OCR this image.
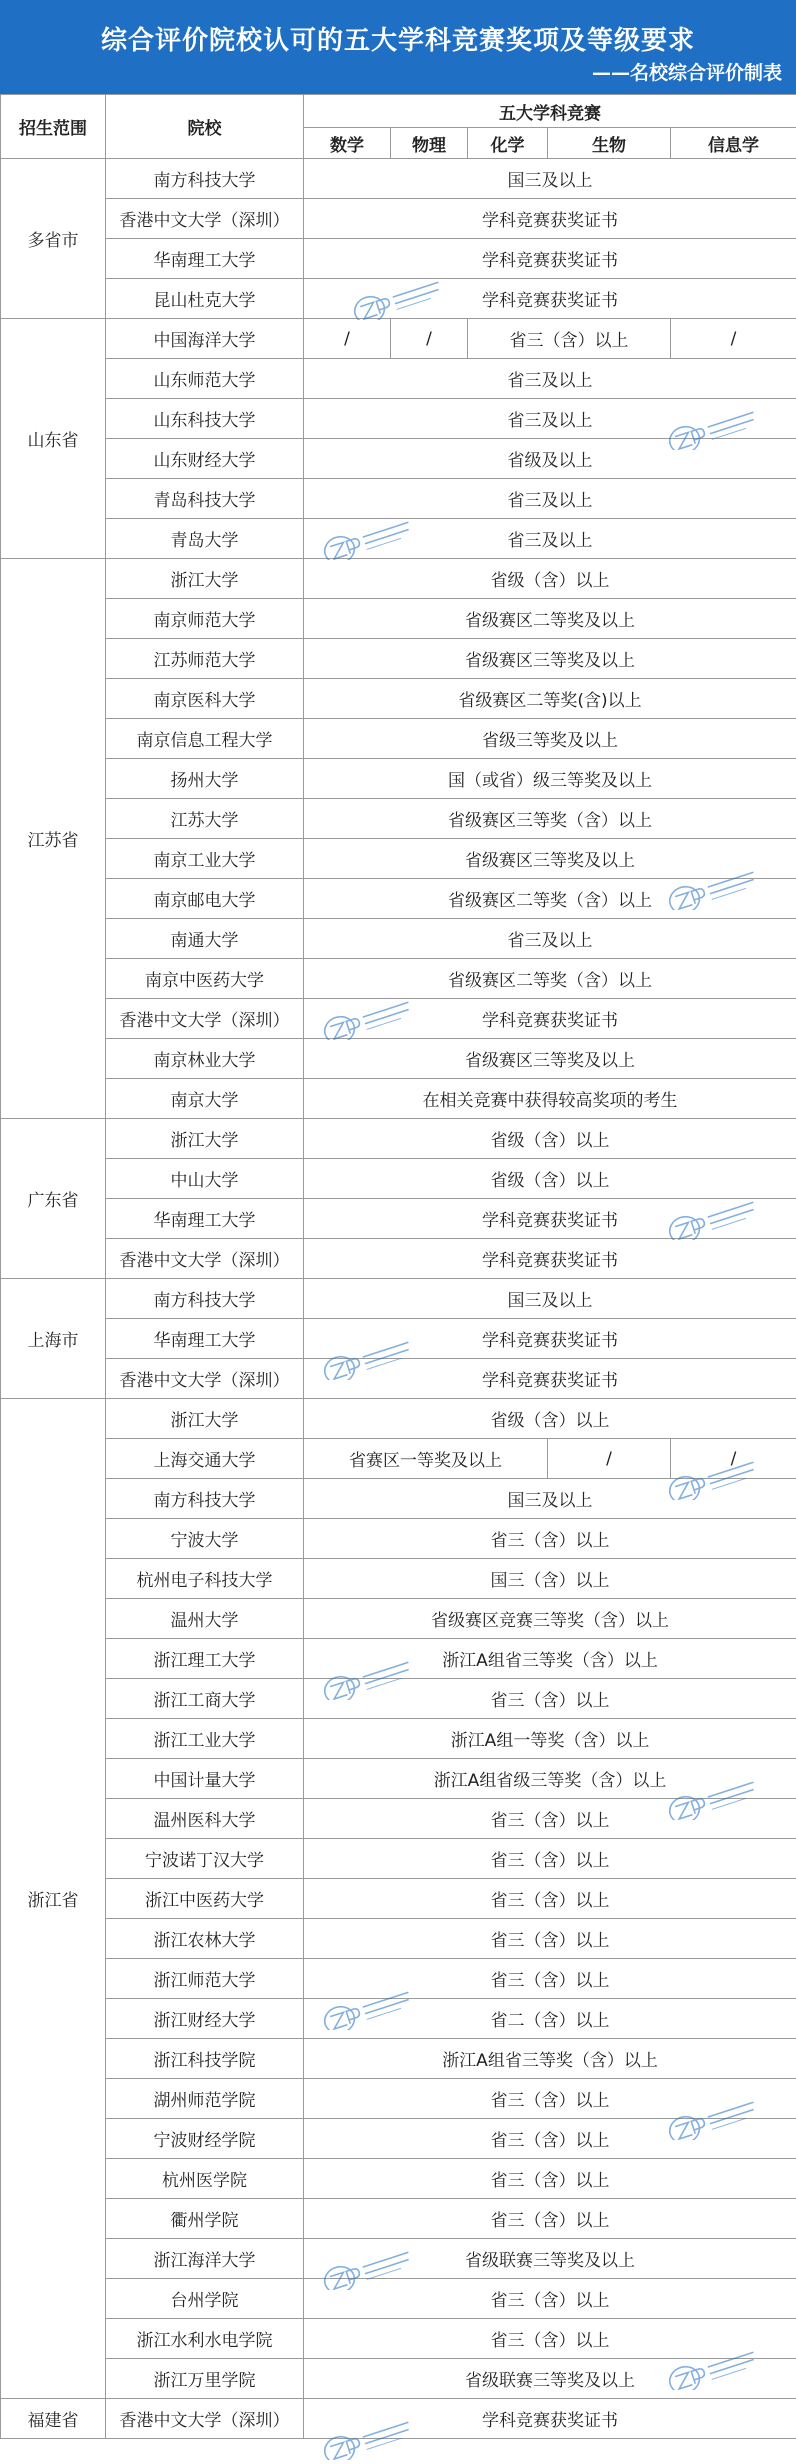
综合评价院校认可的五大学科竞赛奖项及等级要求
——名校综合评价制表
招生范围	院校	五大学科竞赛				
		数学	物理	化学	生物	信息学
多省市	南方科技大学	国三及以上				
	香港中文大学（深圳）	学科竞赛获奖证书				
	华南理工大学	学科竞赛获奖证书				
	昆山杜克大学	学科竞赛获奖证书				
山东省	中国海洋大学	/	/	省三（含）以上		/
	山东师范大学	省三及以上				
	山东科技大学	省三及以上				
	山东财经大学	省级及以上				
	青岛科技大学	省三及以上				
	青岛大学	省三及以上				
江苏省	浙江大学	省级（含）以上				
	南京师范大学	省级赛区二等奖及以上				
	江苏师范大学	省级赛区三等奖及以上				
	南京医科大学	省级赛区二等奖(含)以上				
	南京信息工程大学	省级三等奖及以上				
	扬州大学	国（或省）级三等奖及以上				
	江苏大学	省级赛区三等奖（含）以上				
	南京工业大学	省级赛区三等奖及以上				
	南京邮电大学	省级赛区二等奖（含）以上				
	南通大学	省三及以上				
	南京中医药大学	省级赛区二等奖（含）以上				
	香港中文大学（深圳）	学科竞赛获奖证书				
	南京林业大学	省级赛区三等奖及以上				
	南京大学	在相关竞赛中获得较高奖项的考生				
广东省	浙江大学	省级（含）以上				
	中山大学	省级（含）以上				
	华南理工大学	学科竞赛获奖证书				
	香港中文大学（深圳）	学科竞赛获奖证书				
上海市	南方科技大学	国三及以上				
	华南理工大学	学科竞赛获奖证书				
	香港中文大学（深圳）	学科竞赛获奖证书				
浙江省	浙江大学	省级（含）以上				
	上海交通大学	省赛区一等奖及以上			/	/
	南方科技大学	国三及以上				
	宁波大学	省三（含）以上				
	杭州电子科技大学	国三（含）以上				
	温州大学	省级赛区竞赛三等奖（含）以上				
	浙江理工大学	浙江A组省三等奖（含）以上				
	浙江工商大学	省三（含）以上				
	浙江工业大学	浙江A组一等奖（含）以上				
	中国计量大学	浙江A组省级三等奖（含）以上				
	温州医科大学	省三（含）以上				
	宁波诺丁汉大学	省三（含）以上				
	浙江中医药大学	省三（含）以上				
	浙江农林大学	省三（含）以上				
	浙江师范大学	省三（含）以上				
	浙江财经大学	省二（含）以上				
	浙江科技学院	浙江A组省三等奖（含）以上				
	湖州师范学院	省三（含）以上				
	宁波财经学院	省三（含）以上				
	杭州医学院	省三（含）以上				
	衢州学院	省三（含）以上				
	浙江海洋大学	省级联赛三等奖及以上				
	台州学院	省三（含）以上				
	浙江水利水电学院	省三（含）以上				
	浙江万里学院	省级联赛三等奖及以上				
福建省	香港中文大学（深圳）	学科竞赛获奖证书				
